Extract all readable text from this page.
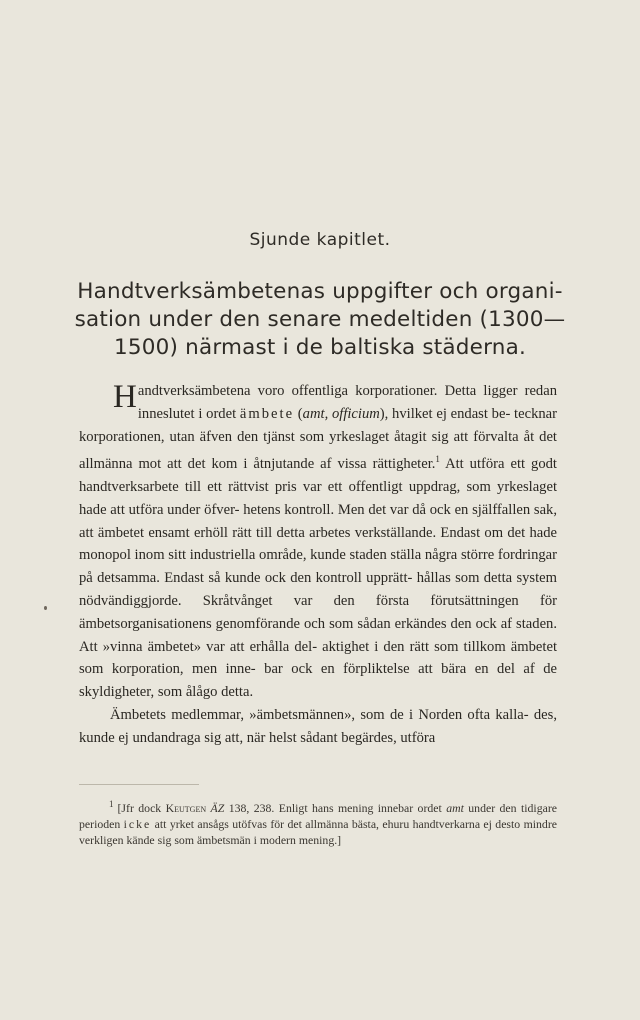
Sjunde kapitlet.
Handtverksämbetenas uppgifter och organi- sation under den senare medeltiden (1300— 1500) närmast i de baltiska städerna.

Handtverksämbetena voro offentliga korporationer. Detta ligger redan inneslutet i ordet ämbete (amt, officium), hvilket ej endast be- tecknar korporationen, utan äfven den tjänst som yrkeslaget åtagit sig att förvalta åt det allmänna mot att det kom i åtnjutande af vissa rättigheter.$^1$ Att utföra ett godt handtverksarbete till ett rättvist pris var ett offentligt uppdrag, som yrkeslaget hade att utföra under öfver- hetens kontroll. Men det var då ock en själffallen sak, att ämbetet ensamt erhöll rätt till detta arbetes verkställande. Endast om det hade monopol inom sitt industriella område, kunde staden ställa några större fordringar på detsamma. Endast så kunde ock den kontroll upprätt- hållas som detta system nödvändiggjorde. Skråtvånget var den första förutsättningen för ämbetsorganisationens genomförande och som sådan erkändes den ock af staden. Att »vinna ämbetet» var att erhålla del- aktighet i den rätt som tillkom ämbetet som korporation, men inne- bar ock en förpliktelse att bära en del af de skyldigheter, som ålågo detta.

Ämbetets medlemmar, »ämbetsmännen», som de i Norden ofta kalla- des, kunde ej undandraga sig att, när helst sådant begärdes, utföra

$^1$ [Jfr dock Keutgen ÄZ 138, 238. Enligt hans mening innebar ordet amt under den tidigare perioden icke att yrket ansågs utöfvas för det allmänna bästa, ehuru handtverkarna ej desto mindre verkligen kände sig som ämbetsmän i modern mening.]
